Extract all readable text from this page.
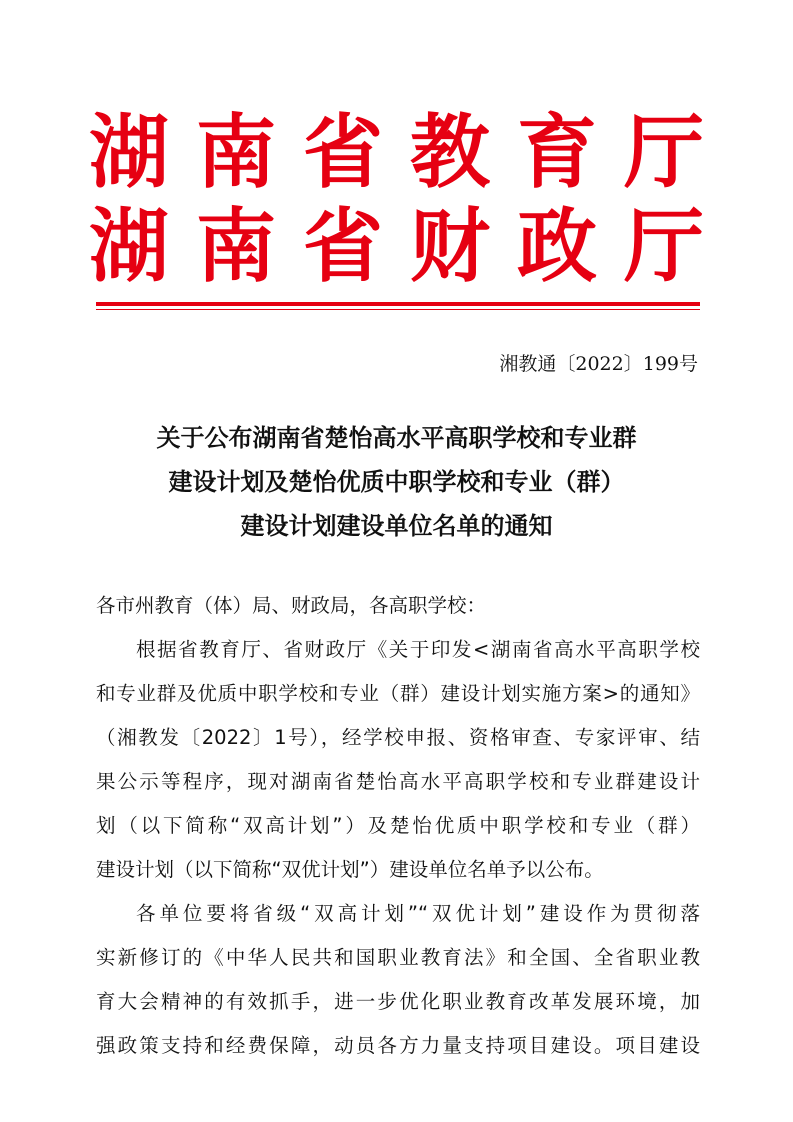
湖南省教育厅
湖南省财政厅
湘教通〔2022〕199号
关于公布湖南省楚怡高水平高职学校和专业群
建设计划及楚怡优质中职学校和专业（群）
建设计划建设单位名单的通知
各市州教育（体）局、财政局，各高职学校：
根据省教育厅、省财政厅《关于印发<湖南省高水平高职学校
和专业群及优质中职学校和专业（群）建设计划实施方案>的通知》
（湘教发〔2022〕1号），经学校申报、资格审查、专家评审、结
果公示等程序，现对湖南省楚怡高水平高职学校和专业群建设计
划（以下简称“双高计划”）及楚怡优质中职学校和专业（群）
建设计划（以下简称“双优计划”）建设单位名单予以公布。
各单位要将省级“双高计划”“双优计划”建设作为贯彻落
实新修订的《中华人民共和国职业教育法》和全国、全省职业教
育大会精神的有效抓手，进一步优化职业教育改革发展环境，加
强政策支持和经费保障，动员各方力量支持项目建设。项目建设
